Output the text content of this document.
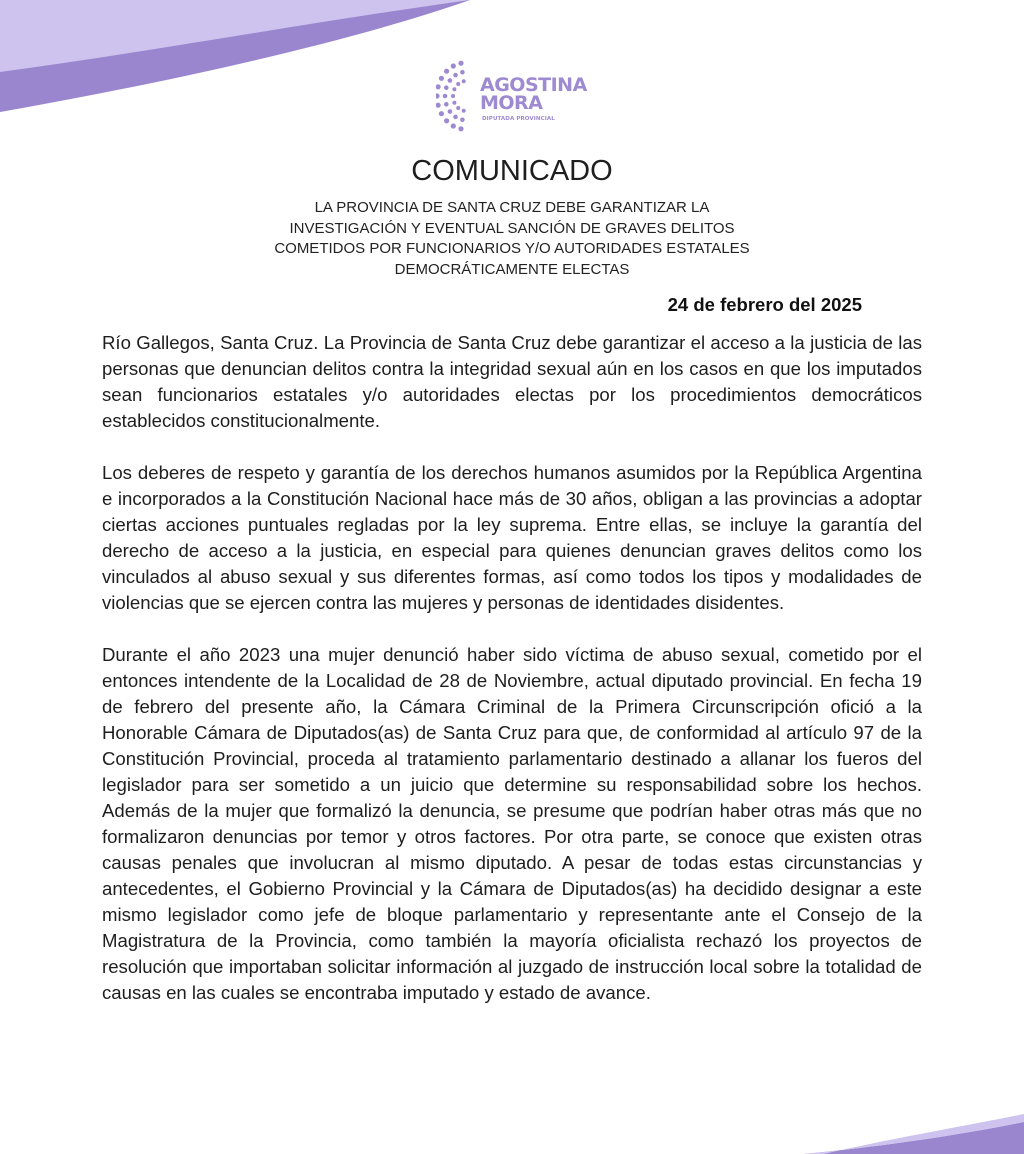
AGOSTINA
MORA
DIPUTADA PROVINCIAL
COMUNICADO
LA PROVINCIA DE SANTA CRUZ DEBE GARANTIZAR LA
INVESTIGACIÓN Y EVENTUAL SANCIÓN DE GRAVES DELITOS
COMETIDOS POR FUNCIONARIOS Y/O AUTORIDADES ESTATALES
DEMOCRÁTICAMENTE ELECTAS
24 de febrero del 2025

Río Gallegos, Santa Cruz. La Provincia de Santa Cruz debe garantizar el acceso a la justicia de las personas que denuncian delitos contra la integridad sexual aún en los casos en que los imputados sean funcionarios estatales y/o autoridades electas por los procedimientos democráticos establecidos constitucionalmente.

Los deberes de respeto y garantía de los derechos humanos asumidos por la República Argentina e incorporados a la Constitución Nacional hace más de 30 años, obligan a las provincias a adoptar ciertas acciones puntuales regladas por la ley suprema. Entre ellas, se incluye la garantía del derecho de acceso a la justicia, en especial para quienes denuncian graves delitos como los vinculados al abuso sexual y sus diferentes formas, así como todos los tipos y modalidades de violencias que se ejercen contra las mujeres y personas de identidades disidentes.

Durante el año 2023 una mujer denunció haber sido víctima de abuso sexual, cometido por el entonces intendente de la Localidad de 28 de Noviembre, actual diputado provincial. En fecha 19 de febrero del presente año, la Cámara Criminal de la Primera Circunscripción ofició a la Honorable Cámara de Diputados(as) de Santa Cruz para que, de conformidad al artículo 97 de la Constitución Provincial, proceda al tratamiento parlamentario destinado a allanar los fueros del legislador para ser sometido a un juicio que determine su responsabilidad sobre los hechos. Además de la mujer que formalizó la denuncia, se presume que podrían haber otras más que no formalizaron denuncias por temor y otros factores. Por otra parte, se conoce que existen otras causas penales que involucran al mismo diputado. A pesar de todas estas circunstancias y antecedentes, el Gobierno Provincial y la Cámara de Diputados(as) ha decidido designar a este mismo legislador como jefe de bloque parlamentario y representante ante el Consejo de la Magistratura de la Provincia, como también la mayoría oficialista rechazó los proyectos de resolución que importaban solicitar información al juzgado de instrucción local sobre la totalidad de causas en las cuales se encontraba imputado y estado de avance.
